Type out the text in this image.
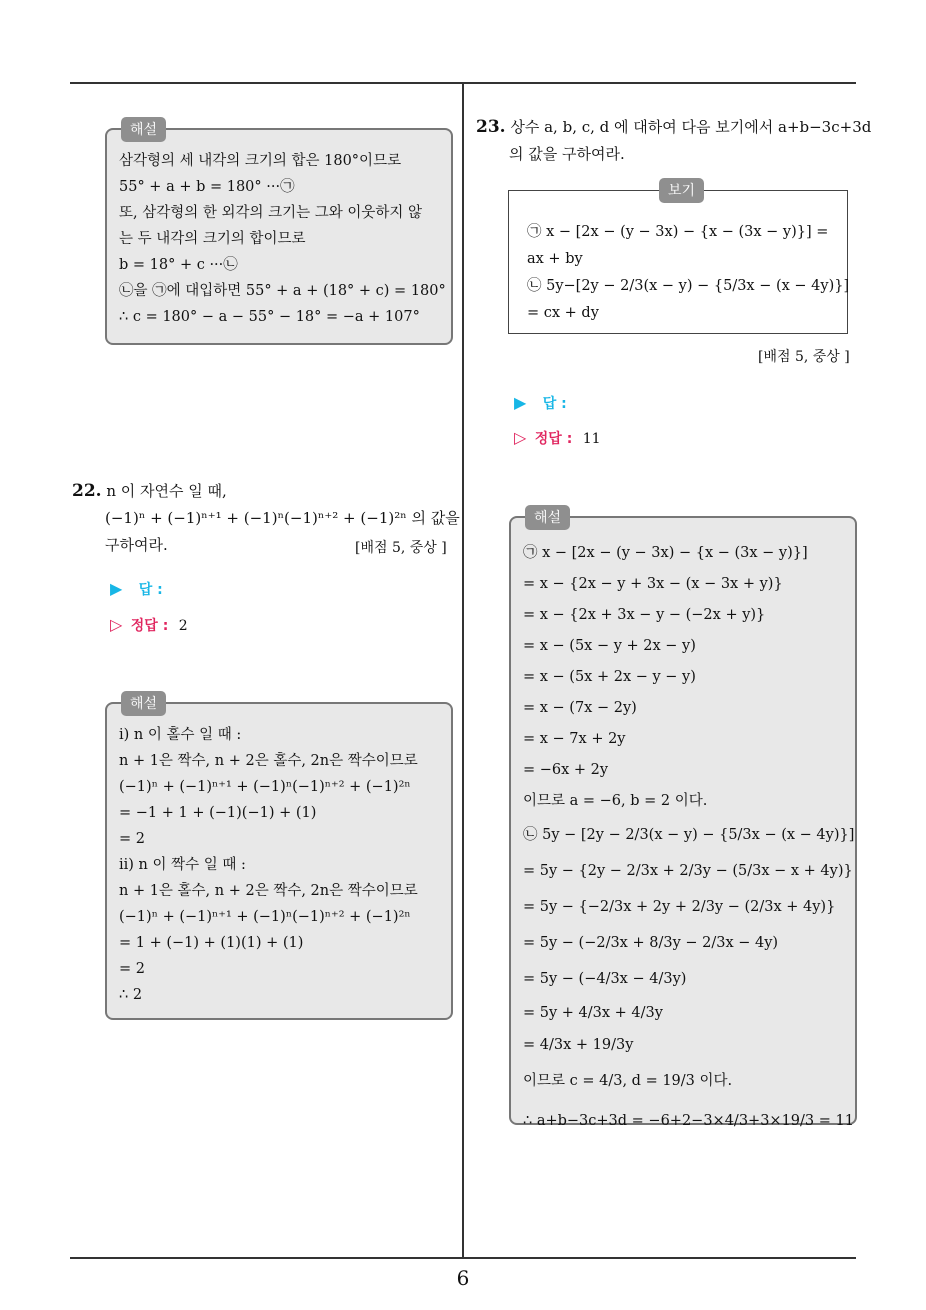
해설
삼각형의 세 내각의 크기의 합은 180°이므로
55° + a + b = 180° ···㉠
또, 삼각형의 한 외각의 크기는 그와 이웃하지 않
는 두 내각의 크기의 합이므로
b = 18° + c ···㉡
㉡을 ㉠에 대입하면 55° + a + (18° + c) = 180°
∴ c = 180° − a − 55° − 18° = −a + 107°
22. n 이 자연수 일 때,
(−1)ⁿ + (−1)ⁿ⁺¹ + (−1)ⁿ(−1)ⁿ⁺² + (−1)²ⁿ 의 값을
구하여라.	[배점 5, 중상 ]
▶ 답 :
▷ 정답 : 2
해설
i) n 이 홀수 일 때 :
n + 1은 짝수, n + 2은 홀수, 2n은 짝수이므로
(−1)ⁿ + (−1)ⁿ⁺¹ + (−1)ⁿ(−1)ⁿ⁺² + (−1)²ⁿ
= −1 + 1 + (−1)(−1) + (1)
= 2
ii) n 이 짝수 일 때 :
n + 1은 홀수, n + 2은 짝수, 2n은 짝수이므로
(−1)ⁿ + (−1)ⁿ⁺¹ + (−1)ⁿ(−1)ⁿ⁺² + (−1)²ⁿ
= 1 + (−1) + (1)(1) + (1)
= 2
∴ 2
23. 상수 a, b, c, d 에 대하여 다음 보기에서 a+b−3c+3d
의 값을 구하여라.
보기
㉠ x − [2x − (y − 3x) − {x − (3x − y)}] =
ax + by
㉡ 5y−[2y − 2/3(x − y) − {5/3x − (x − 4y)}]
= cx + dy
[배점 5, 중상 ]
▶ 답 :
▷ 정답 : 11
해설
㉠ x − [2x − (y − 3x) − {x − (3x − y)}]
= x − {2x − y + 3x − (x − 3x + y)}
= x − {2x + 3x − y − (−2x + y)}
= x − (5x − y + 2x − y)
= x − (5x + 2x − y − y)
= x − (7x − 2y)
= x − 7x + 2y
= −6x + 2y
이므로 a = −6, b = 2 이다.
㉡ 5y − [2y − 2/3(x − y) − {5/3x − (x − 4y)}]
= 5y − {2y − 2/3x + 2/3y − (5/3x − x + 4y)}
= 5y − {−2/3x + 2y + 2/3y − (2/3x + 4y)}
= 5y − (−2/3x + 8/3y − 2/3x − 4y)
= 5y − (−4/3x − 4/3y)
= 5y + 4/3x + 4/3y
= 4/3x + 19/3y
이므로 c = 4/3, d = 19/3 이다.
∴ a+b−3c+3d = −6+2−3×4/3+3×19/3 = 11
6
